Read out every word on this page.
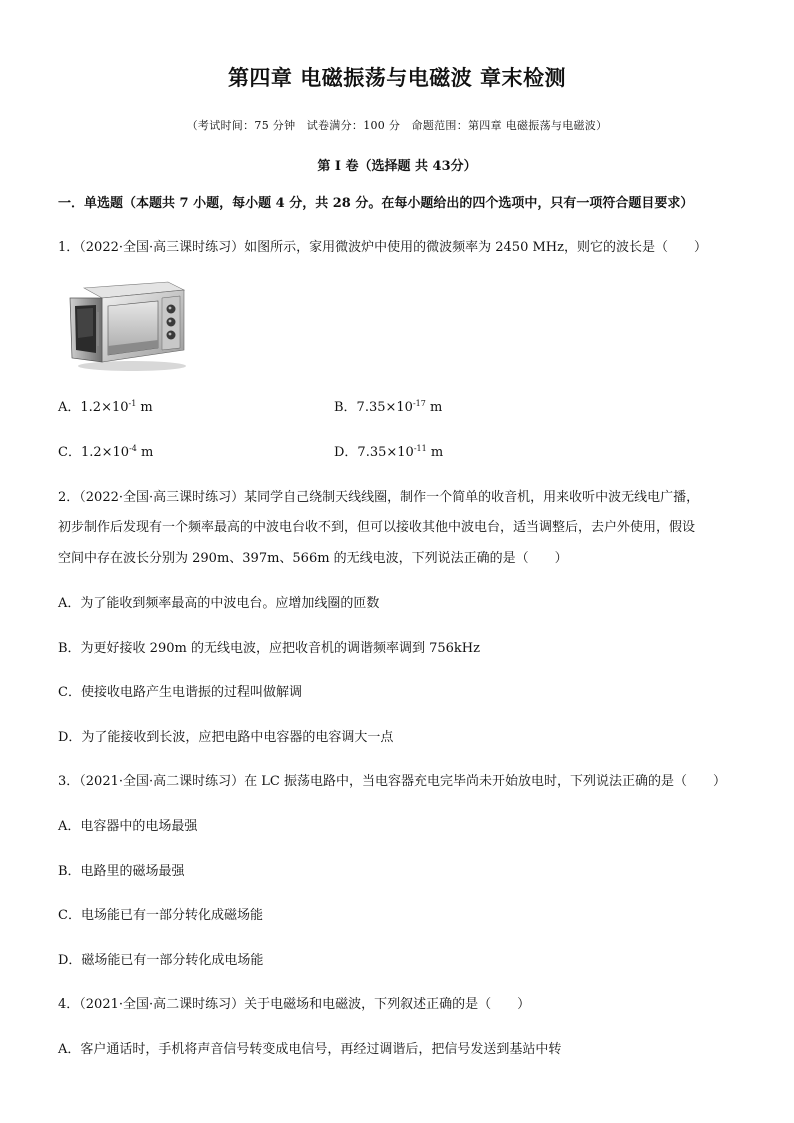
第四章 电磁振荡与电磁波 章末检测
（考试时间：75 分钟　试卷满分：100 分　命题范围：第四章 电磁振荡与电磁波）
第 I 卷（选择题 共 43分）
一．单选题（本题共 7 小题，每小题 4 分，共 28 分。在每小题给出的四个选项中，只有一项符合题目要求）
1．（2022·全国·高三课时练习）如图所示，家用微波炉中使用的微波频率为 2450 MHz，则它的波长是（　　）
A．$1.2\times 10^{-1}$ m	B．$7.35\times 10^{-17}$ m
C．$1.2\times 10^{-4}$ m	D．$7.35\times 10^{-11}$ m
2．（2022·全国·高三课时练习）某同学自己绕制天线线圈，制作一个简单的收音机，用来收听中波无线电广播，
初步制作后发现有一个频率最高的中波电台收不到，但可以接收其他中波电台，适当调整后，去户外使用，假设
空间中存在波长分别为 290m、397m、566m 的无线电波，下列说法正确的是（　　）
A．为了能收到频率最高的中波电台。应增加线圈的匝数
B．为更好接收 290m 的无线电波，应把收音机的调谐频率调到 756kHz
C．使接收电路产生电谐振的过程叫做解调
D．为了能接收到长波，应把电路中电容器的电容调大一点
3．（2021·全国·高二课时练习）在 LC 振荡电路中，当电容器充电完毕尚未开始放电时，下列说法正确的是（　　）
A．电容器中的电场最强
B．电路里的磁场最强
C．电场能已有一部分转化成磁场能
D．磁场能已有一部分转化成电场能
4．（2021·全国·高二课时练习）关于电磁场和电磁波，下列叙述正确的是（　　）
A．客户通话时，手机将声音信号转变成电信号，再经过调谐后，把信号发送到基站中转
